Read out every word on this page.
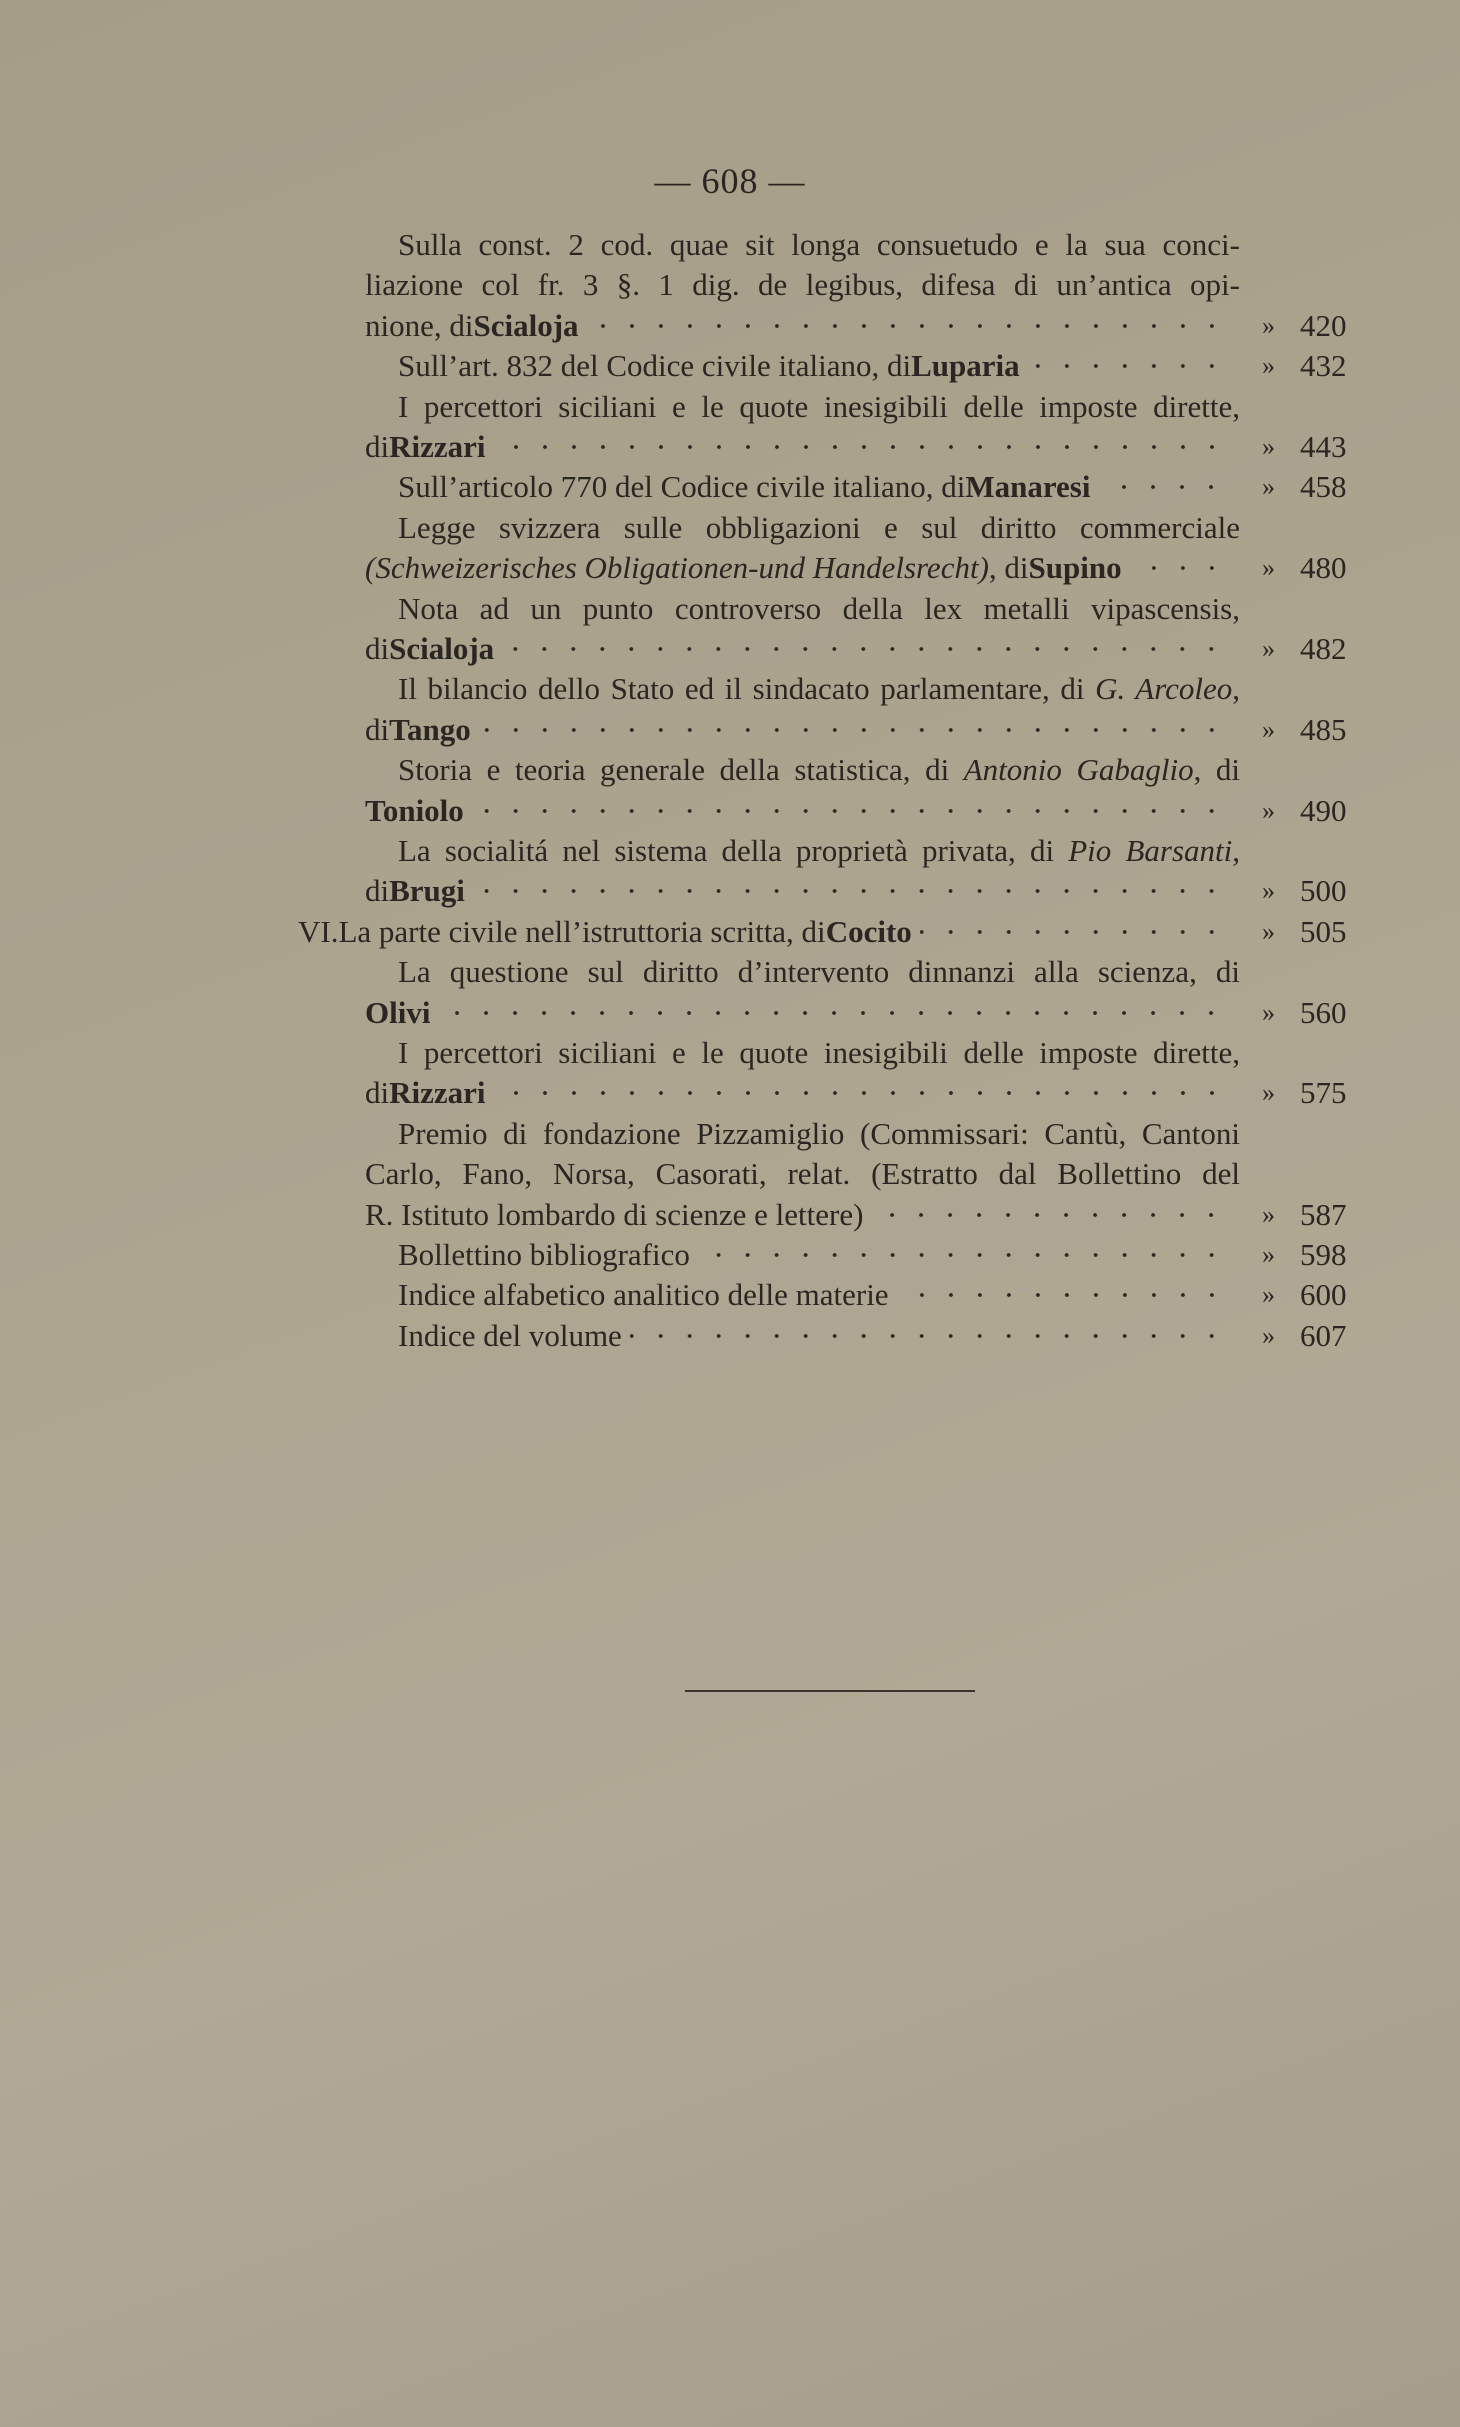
— 608 —
Sulla const. 2 cod. quae sit longa consuetudo e la sua conci-
liazione col fr. 3 §. 1 dig. de legibus, difesa di un’antica opi-
nione, di Scialoja	» 420
Sull’art. 832 del Codice civile italiano, di Luparia	» 432
I percettori siciliani e le quote inesigibili delle imposte dirette,
di Rizzari	» 443
Sull’articolo 770 del Codice civile italiano, di Manaresi	» 458
Legge svizzera sulle obbligazioni e sul diritto commerciale
(Schweizerisches Obligationen-und Handelsrecht) , di Supino	» 480
Nota ad un punto controverso della lex metalli vipascensis,
di Scialoja	» 482
Il bilancio dello Stato ed il sindacato parlamentare, di G. Arcoleo,
di Tango	» 485
Storia e teoria generale della statistica, di Antonio Gabaglio, di
Toniolo	» 490
La socialitá nel sistema della proprietà privata, di Pio Barsanti,
di Brugi	» 500
VI. La parte civile nell’istruttoria scritta, di Cocito	» 505
La questione sul diritto d’intervento dinnanzi alla scienza, di
Olivi	» 560
I percettori siciliani e le quote inesigibili delle imposte dirette,
di Rizzari	» 575
Premio di fondazione Pizzamiglio (Commissari: Cantù, Cantoni
Carlo, Fano, Norsa, Casorati, relat. (Estratto dal Bollettino del
R. Istituto lombardo di scienze e lettere)	» 587
Bollettino bibliografico	» 598
Indice alfabetico analitico delle materie	» 600
Indice del volume	» 607
